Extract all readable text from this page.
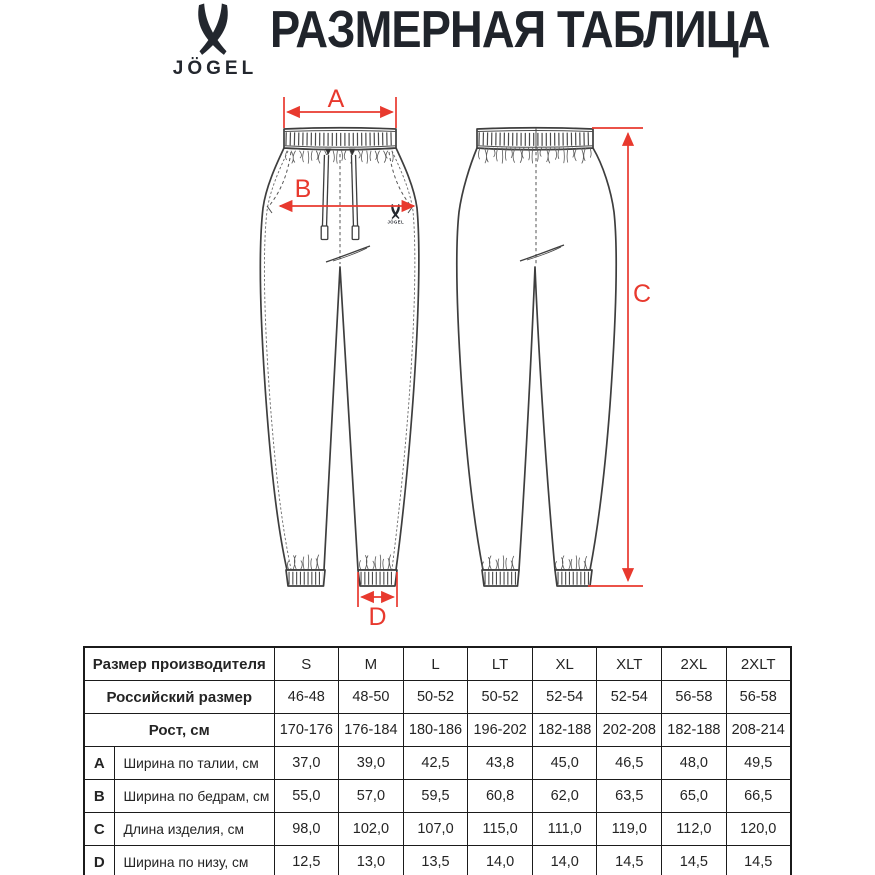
JÖGEL
РАЗМЕРНАЯ ТАБЛИЦА
JÖGEL
A
B
C
D
Размер производителя		S	M	L	LT	XL	XLT	2XL	2XLT
Российский размер		46-48	48-50	50-52	50-52	52-54	52-54	56-58	56-58
Рост, см		170-176	176-184	180-186	196-202	182-188	202-208	182-188	208-214
A	Ширина по талии, см	37,0	39,0	42,5	43,8	45,0	46,5	48,0	49,5
B	Ширина по бедрам, см	55,0	57,0	59,5	60,8	62,0	63,5	65,0	66,5
C	Длина изделия, см	98,0	102,0	107,0	115,0	111,0	119,0	112,0	120,0
D	Ширина по низу, см	12,5	13,0	13,5	14,0	14,0	14,5	14,5	14,5
